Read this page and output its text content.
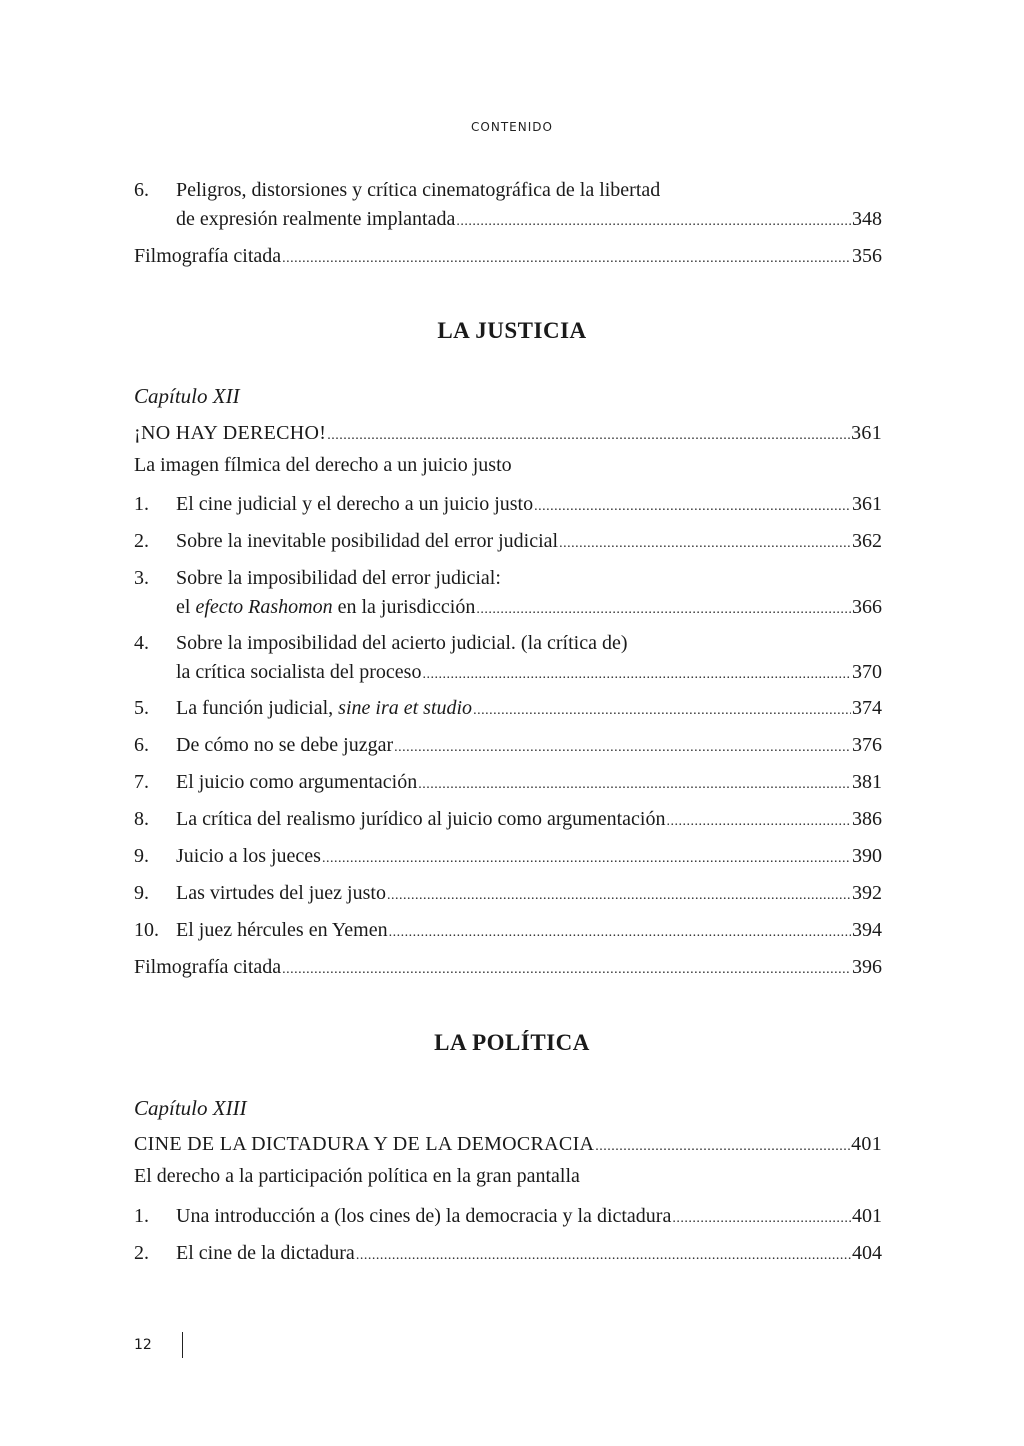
CONTENIDO
6.	Peligros, distorsiones y crítica cinematográfica de la libertad
de expresión realmente implantada .....	348
Filmografía citada .....	356
LA JUSTICIA
Capítulo XII
¡NO HAY DERECHO! .....	361
La imagen fílmica del derecho a un juicio justo
1.	El cine judicial y el derecho a un juicio justo .....	361
2.	Sobre la inevitable posibilidad del error judicial .....	362
3.	Sobre la imposibilidad del error judicial:
el efecto Rashomon en la jurisdicción .....	366
4.	Sobre la imposibilidad del acierto judicial. (la crítica de)
la crítica socialista del proceso .....	370
5.	La función judicial, sine ira et studio .....	374
6.	De cómo no se debe juzgar .....	376
7.	El juicio como argumentación .....	381
8.	La crítica del realismo jurídico al juicio como argumentación .....	386
9.	Juicio a los jueces .....	390
9.	Las virtudes del juez justo .....	392
10. El juez hércules en Yemen .....	394
Filmografía citada .....	396
LA POLÍTICA
Capítulo XIII
CINE DE LA DICTADURA Y DE LA DEMOCRACIA .....	401
El derecho a la participación política en la gran pantalla
1.	Una introducción a (los cines de) la democracia y la dictadura .....	401
2.	El cine de la dictadura .....	404
12
